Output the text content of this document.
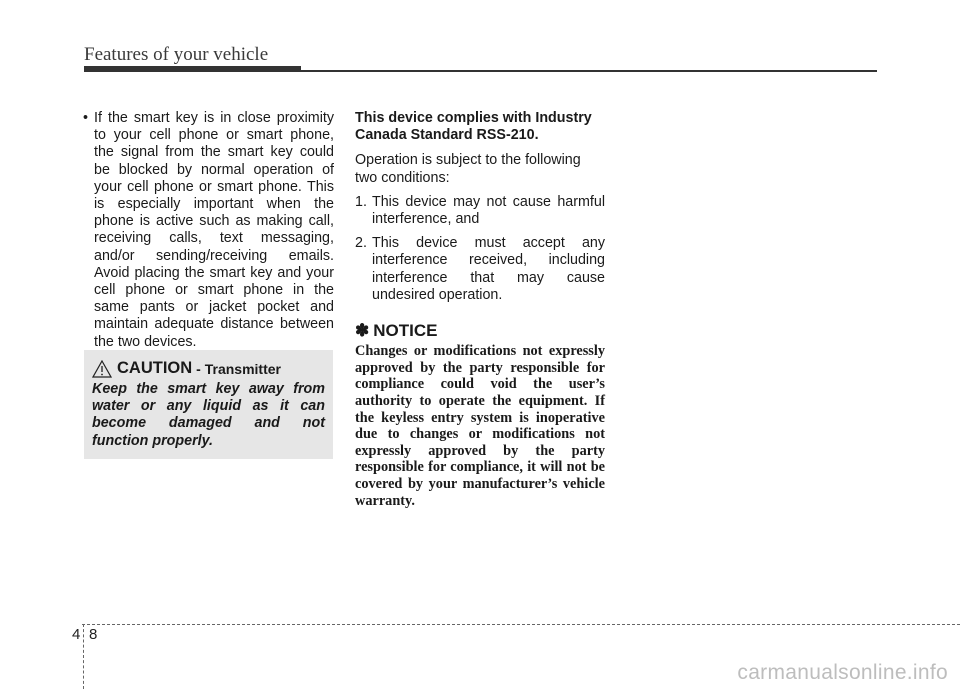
Features of your vehicle
• If the smart key is in close proximity to your cell phone or smart phone, the signal from the smart key could be blocked by normal operation of your cell phone or smart phone. This is especially important when the phone is active such as making call, receiving calls, text messaging, and/or sending/receiving emails. Avoid placing the smart key and your cell phone or smart phone in the same pants or jacket pocket and maintain adequate distance between the two devices.
CAUTION - Transmitter
Keep the smart key away from water or any liquid as it can become damaged and not function properly.

This device complies with Industry Canada Standard RSS-210.

Operation is subject to the following two conditions:

1. This device may not cause harmful interference, and
2. This device must accept any interference received, including interference that may cause undesired operation.
✽ NOTICE
Changes or modifications not expressly approved by the party responsible for compliance could void the user’s authority to operate the equipment. If the keyless entry system is inoperative due to changes or modifications not expressly approved by the party responsible for compliance, it will not be covered by your manufacturer’s vehicle warranty.
4 8
carmanualsonline.info
